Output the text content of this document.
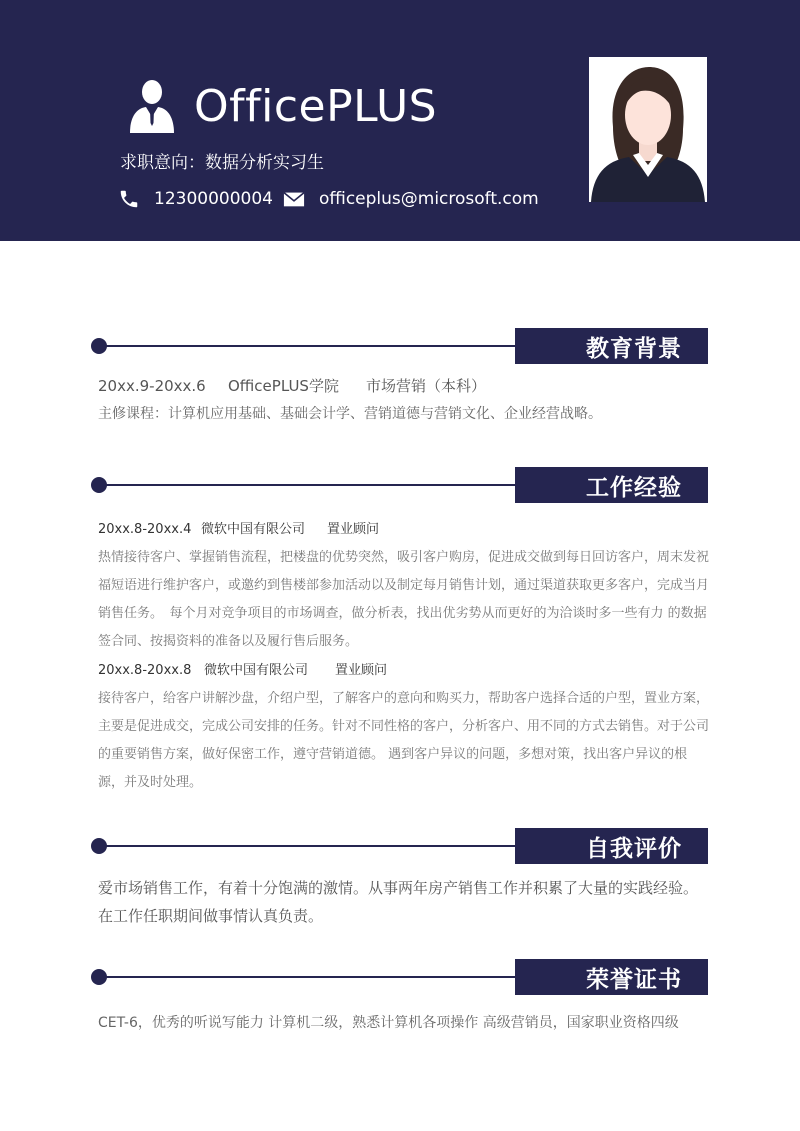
OfficePLUS
求职意向：数据分析实习生
12300000004	officeplus@microsoft.com
教育背景

20xx.9-20xx.6 OfficePLUS学院 市场营销（本科）

主修课程：计算机应用基础、基础会计学、营销道德与营销文化、企业经营战略。

工作经验

20xx.8-20xx.4 微软中国有限公司 置业顾问

热情接待客户、掌握销售流程，把楼盘的优势突然，吸引客户购房，促进成交做到每日回访客户，周末发祝福短语进行维护客户，或邀约到售楼部参加活动以及制定每月销售计划，通过渠道获取更多客户，完成当月销售任务。　每个月对竞争项目的市场调查，做分析表，找出优劣势从而更好的为洽谈时多一些有力 的数据签合同、按揭资料的准备以及履行售后服务。

20xx.8-20xx.8 微软中国有限公司 置业顾问

接待客户，给客户讲解沙盘，介绍户型，了解客户的意向和购买力，帮助客户选择合适的户型，置业方案，主要是促进成交，完成公司安排的任务。针对不同性格的客户，分析客户、用不同的方式去销售。对于公司的重要销售方案，做好保密工作，遵守营销道德。 遇到客户异议的问题，多想对策，找出客户异议的根源，并及时处理。

自我评价

爱市场销售工作，有着十分饱满的激情。从事两年房产销售工作并积累了大量的实践经验。在工作任职期间做事情认真负责。

荣誉证书

CET-6，优秀的听说写能力 计算机二级，熟悉计算机各项操作 高级营销员，国家职业资格四级
